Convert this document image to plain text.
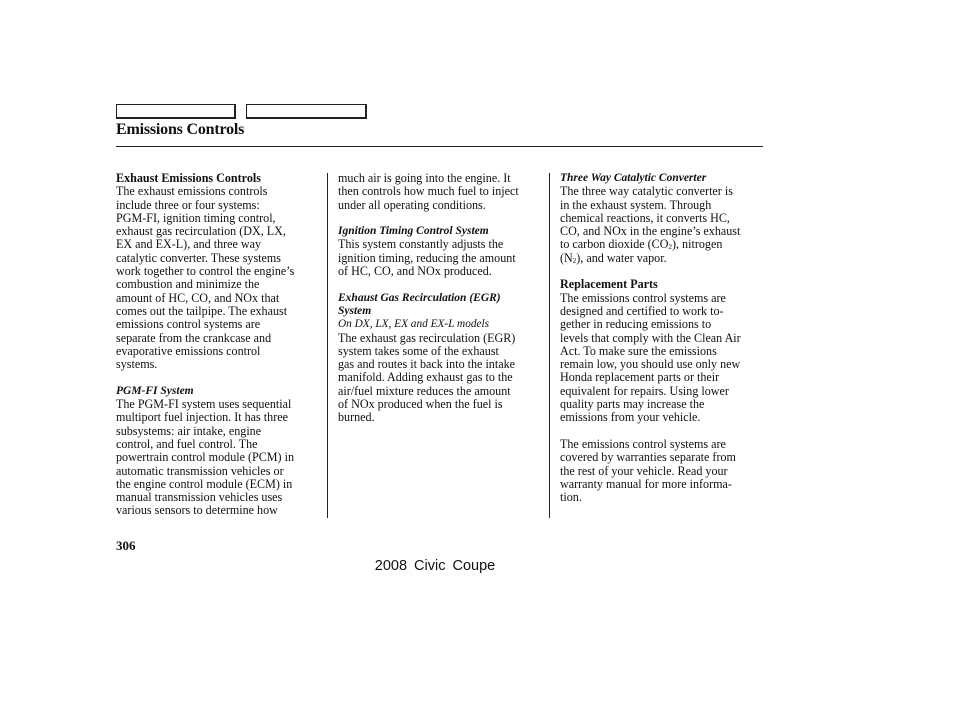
Emissions Controls
Exhaust Emissions Controls
The exhaust emissions controls
include three or four systems:
PGM-FI, ignition timing control,
exhaust gas recirculation (DX, LX,
EX and EX-L), and three way
catalytic converter. These systems
work together to control the engine’s
combustion and minimize the
amount of HC, CO, and NOx that
comes out the tailpipe. The exhaust
emissions control systems are
separate from the crankcase and
evaporative emissions control
systems.
PGM-FI System
The PGM-FI system uses sequential
multiport fuel injection. It has three
subsystems: air intake, engine
control, and fuel control. The
powertrain control module (PCM) in
automatic transmission vehicles or
the engine control module (ECM) in
manual transmission vehicles uses
various sensors to determine how
much air is going into the engine. It
then controls how much fuel to inject
under all operating conditions.
Ignition Timing Control System
This system constantly adjusts the
ignition timing, reducing the amount
of HC, CO, and NOx produced.
Exhaust Gas Recirculation (EGR)
System
On DX, LX, EX and EX-L models
The exhaust gas recirculation (EGR)
system takes some of the exhaust
gas and routes it back into the intake
manifold. Adding exhaust gas to the
air/fuel mixture reduces the amount
of NOx produced when the fuel is
burned.
Three Way Catalytic Converter
The three way catalytic converter is
in the exhaust system. Through
chemical reactions, it converts HC,
CO, and NOx in the engine’s exhaust
to carbon dioxide $(CO_2)$, nitrogen
$(N_2)$, and water vapor.
Replacement Parts
The emissions control systems are
designed and certified to work to-
gether in reducing emissions to
levels that comply with the Clean Air
Act. To make sure the emissions
remain low, you should use only new
Honda replacement parts or their
equivalent for repairs. Using lower
quality parts may increase the
emissions from your vehicle.
The emissions control systems are
covered by warranties separate from
the rest of your vehicle. Read your
warranty manual for more informa-
tion.
306
2008 Civic Coupe
